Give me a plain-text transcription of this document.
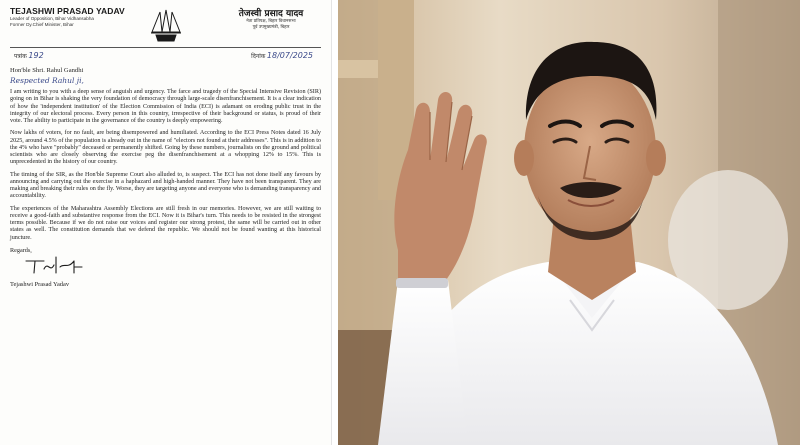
TEJASHWI PRASAD YADAV
Leader of Opposition, Bihar Vidhansabha
Former Dy.Chief Minister, Bihar
तेजस्वी प्रसाद यादव
नेता प्रतिपक्ष, बिहार विधानसभा
पूर्व उपमुख्यमंत्री, बिहार
पत्रांक 192	दिनांक 18/07/2025
Hon'ble Shri. Rahul Gandhi
Respected Rahul ji,

I am writing to you with a deep sense of anguish and urgency. The farce and tragedy of the Special Intensive Revision (SIR) going on in Bihar is shaking the very foundation of democracy through large-scale disenfranchisement. It is a clear indication of how the 'independent institution' of the Election Commission of India (ECI) is adamant on eroding public trust in the integrity of our electoral process. Every person in this country, irrespective of their background or status, is proud of their vote. The ability to participate in the governance of the country is deeply empowering.

Now lakhs of voters, for no fault, are being disempowered and humiliated. According to the ECI Press Notes dated 16 July 2025, around 4.5% of the population is already out in the name of "electors not found at their addresses". This is in addition to the 4% who have "probably" deceased or permanently shifted. Going by these numbers, journalists on the ground and political scientists who are closely observing the exercise peg the disenfranchisement at a whopping 12% to 15%. This is unprecedented in the history of our country.

The timing of the SIR, as the Hon'ble Supreme Court also alluded to, is suspect. The ECI has not done itself any favours by announcing and carrying out the exercise in a haphazard and high-handed manner. They have not been transparent. They are making and breaking their rules on the fly. Worse, they are targeting anyone and everyone who is demanding transparency and accountability.

The experiences of the Maharashtra Assembly Elections are still fresh in our memories. However, we are still waiting to receive a good-faith and substantive response from the ECI. Now it is Bihar's turn. This needs to be resisted in the strongest terms possible. Because if we do not raise our voices and register our strong protest, the same will be carried out in other states as well. The constitution demands that we defend the republic. We should not be found wanting at this historical juncture.

Regards,
Tejashwi Prasad Yadav
